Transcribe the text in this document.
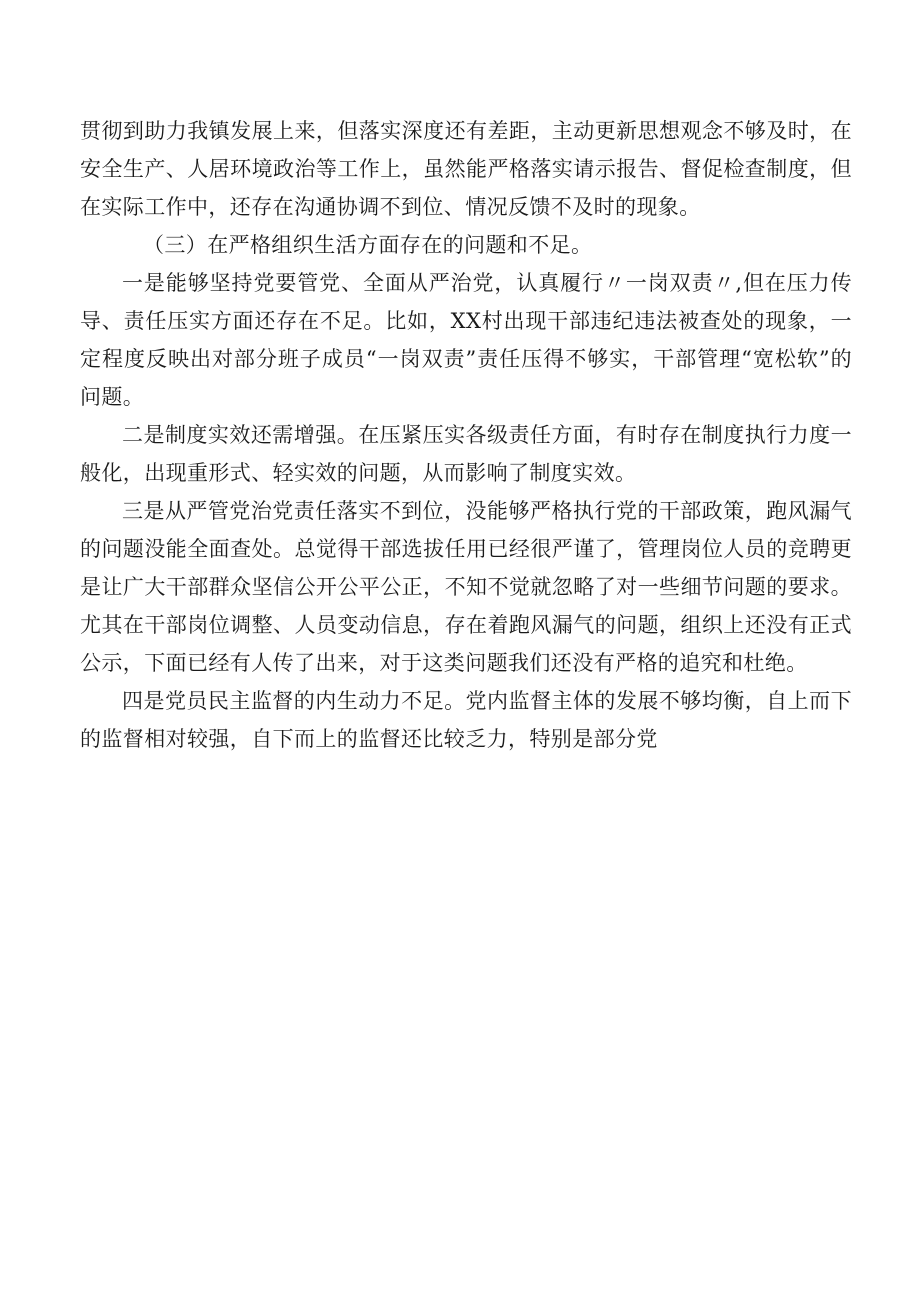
贯彻到助力我镇发展上来，但落实深度还有差距，主动更新思想观念不够及时，在安全生产、人居环境政治等工作上，虽然能严格落实请示报告、督促检查制度，但在实际工作中，还存在沟通协调不到位、情况反馈不及时的现象。

（三）在严格组织生活方面存在的问题和不足。

一是能够坚持党要管党、全面从严治党，认真履行〃一岗双责〃,但在压力传导、责任压实方面还存在不足。比如，XX村出现干部违纪违法被查处的现象，一定程度反映出对部分班子成员“一岗双责”责任压得不够实，干部管理“宽松软”的问题。

二是制度实效还需增强。在压紧压实各级责任方面，有时存在制度执行力度一般化，出现重形式、轻实效的问题，从而影响了制度实效。

三是从严管党治党责任落实不到位，没能够严格执行党的干部政策，跑风漏气的问题没能全面查处。总觉得干部选拔任用已经很严谨了，管理岗位人员的竞聘更是让广大干部群众坚信公开公平公正，不知不觉就忽略了对一些细节问题的要求。尤其在干部岗位调整、人员变动信息，存在着跑风漏气的问题，组织上还没有正式公示，下面已经有人传了出来，对于这类问题我们还没有严格的追究和杜绝。

四是党员民主监督的内生动力不足。党内监督主体的发展不够均衡，自上而下的监督相对较强，自下而上的监督还比较乏力，特别是部分党
